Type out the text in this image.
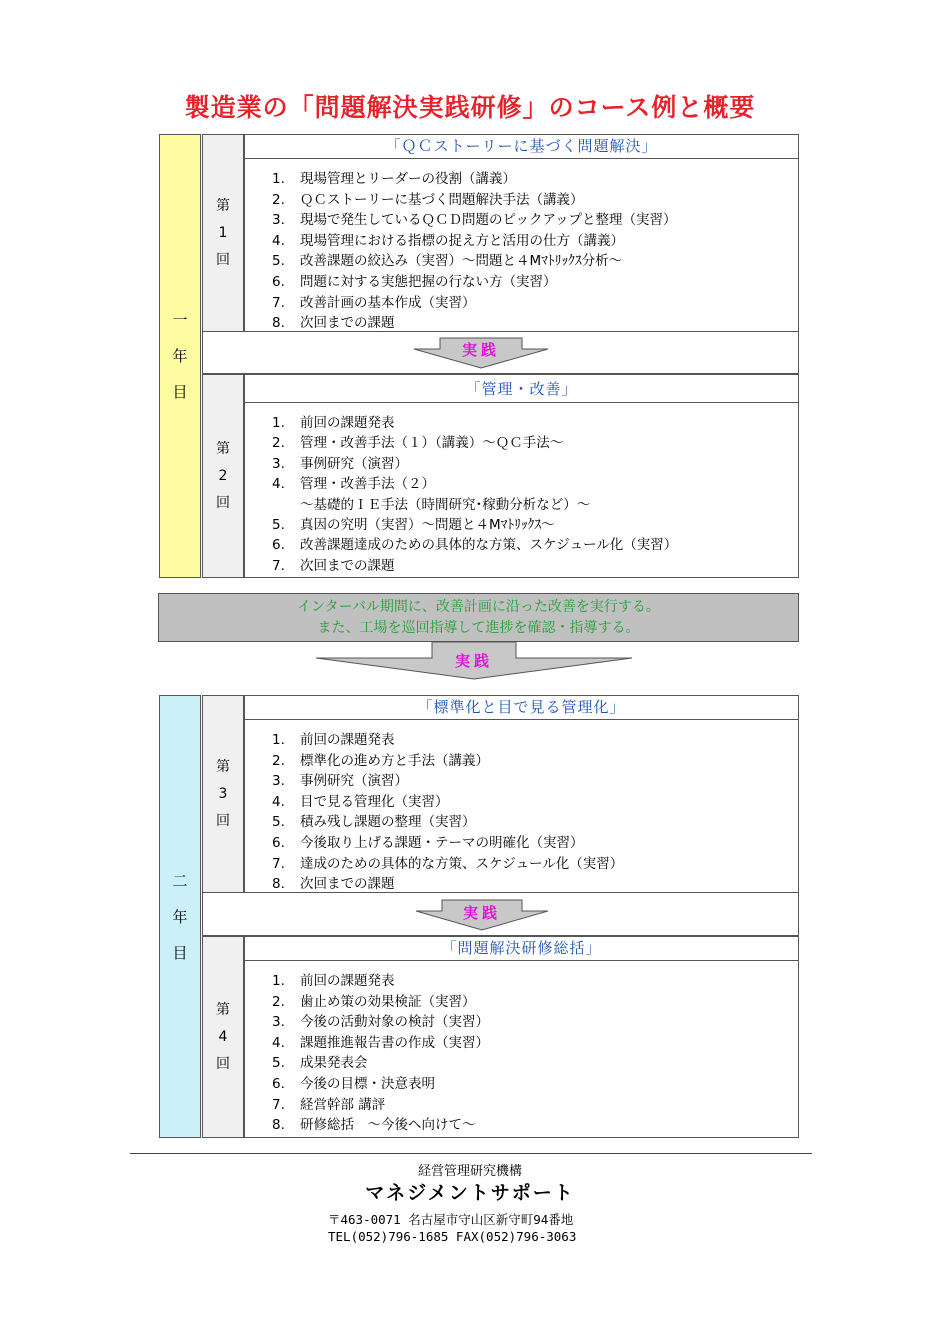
製造業の「問題解決実践研修」のコース例と概要
一
年
目
二
年
目
第
1
回
「ＱＣストーリーに基づく問題解決」
1. 現場管理とリーダーの役割（講義）
2. ＱＣストーリーに基づく問題解決手法（講義）
3. 現場で発生しているＱＣＤ問題のピックアップと整理（実習）
4. 現場管理における指標の捉え方と活用の仕方（講義）
5. 改善課題の絞込み（実習）～問題と４Mﾏﾄﾘｯｸｽ分析～
6. 問題に対する実態把握の行ない方（実習）
7. 改善計画の基本作成（実習）
8. 次回までの課題
実践
第
2
回
「管理・改善」
1. 前回の課題発表
2. 管理・改善手法（１）（講義）～ＱＣ手法～
3. 事例研究（演習）
4. 管理・改善手法（２）
～基礎的ＩＥ手法（時間研究･稼動分析など）～
5. 真因の究明（実習）～問題と４Mﾏﾄﾘｯｸｽ～
6. 改善課題達成のための具体的な方策、スケジュール化（実習）
7. 次回までの課題
インターバル期間に、改善計画に沿った改善を実行する。
また、工場を巡回指導して進捗を確認・指導する。
実践
第
3
回
「標準化と目で見る管理化」
1. 前回の課題発表
2. 標準化の進め方と手法（講義）
3. 事例研究（演習）
4. 目で見る管理化（実習）
5. 積み残し課題の整理（実習）
6. 今後取り上げる課題・テーマの明確化（実習）
7. 達成のための具体的な方策、スケジュール化（実習）
8. 次回までの課題
実践
第
4
回
「問題解決研修総括」
1. 前回の課題発表
2. 歯止め策の効果検証（実習）
3. 今後の活動対象の検討（実習）
4. 課題推進報告書の作成（実習）
5. 成果発表会
6. 今後の目標・決意表明
7. 経営幹部 講評
8. 研修総括　～今後へ向けて～
経営管理研究機構
マネジメントサポート
〒463-0071 名古屋市守山区新守町94番地
TEL(052)796-1685 FAX(052)796-3063
